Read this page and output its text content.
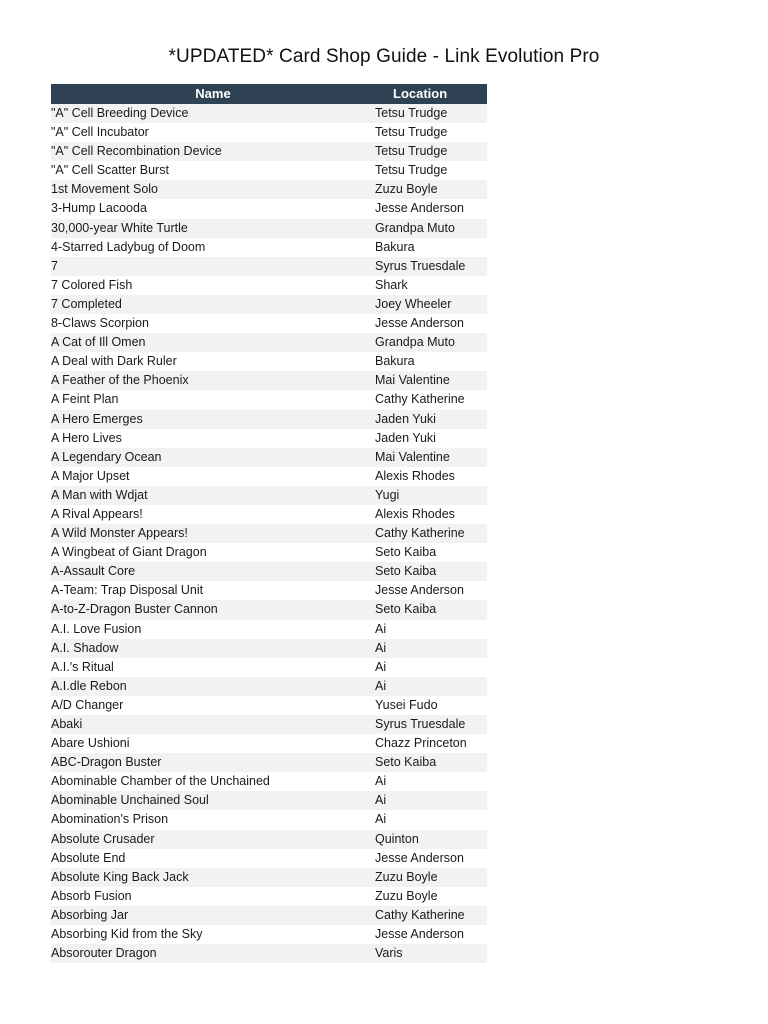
*UPDATED* Card Shop Guide - Link Evolution Pro
Name	Location
"A" Cell Breeding Device	Tetsu Trudge
"A" Cell Incubator	Tetsu Trudge
"A" Cell Recombination Device	Tetsu Trudge
"A" Cell Scatter Burst	Tetsu Trudge
1st Movement Solo	Zuzu Boyle
3-Hump Lacooda	Jesse Anderson
30,000-year White Turtle	Grandpa Muto
4-Starred Ladybug of Doom	Bakura
7	Syrus Truesdale
7 Colored Fish	Shark
7 Completed	Joey Wheeler
8-Claws Scorpion	Jesse Anderson
A Cat of Ill Omen	Grandpa Muto
A Deal with Dark Ruler	Bakura
A Feather of the Phoenix	Mai Valentine
A Feint Plan	Cathy Katherine
A Hero Emerges	Jaden Yuki
A Hero Lives	Jaden Yuki
A Legendary Ocean	Mai Valentine
A Major Upset	Alexis Rhodes
A Man with Wdjat	Yugi
A Rival Appears!	Alexis Rhodes
A Wild Monster Appears!	Cathy Katherine
A Wingbeat of Giant Dragon	Seto Kaiba
A-Assault Core	Seto Kaiba
A-Team: Trap Disposal Unit	Jesse Anderson
A-to-Z-Dragon Buster Cannon	Seto Kaiba
A.I. Love Fusion	Ai
A.I. Shadow	Ai
A.I.'s Ritual	Ai
A.I.dle Rebon	Ai
A/D Changer	Yusei Fudo
Abaki	Syrus Truesdale
Abare Ushioni	Chazz Princeton
ABC-Dragon Buster	Seto Kaiba
Abominable Chamber of the Unchained	Ai
Abominable Unchained Soul	Ai
Abomination's Prison	Ai
Absolute Crusader	Quinton
Absolute End	Jesse Anderson
Absolute King Back Jack	Zuzu Boyle
Absorb Fusion	Zuzu Boyle
Absorbing Jar	Cathy Katherine
Absorbing Kid from the Sky	Jesse Anderson
Absorouter Dragon	Varis
